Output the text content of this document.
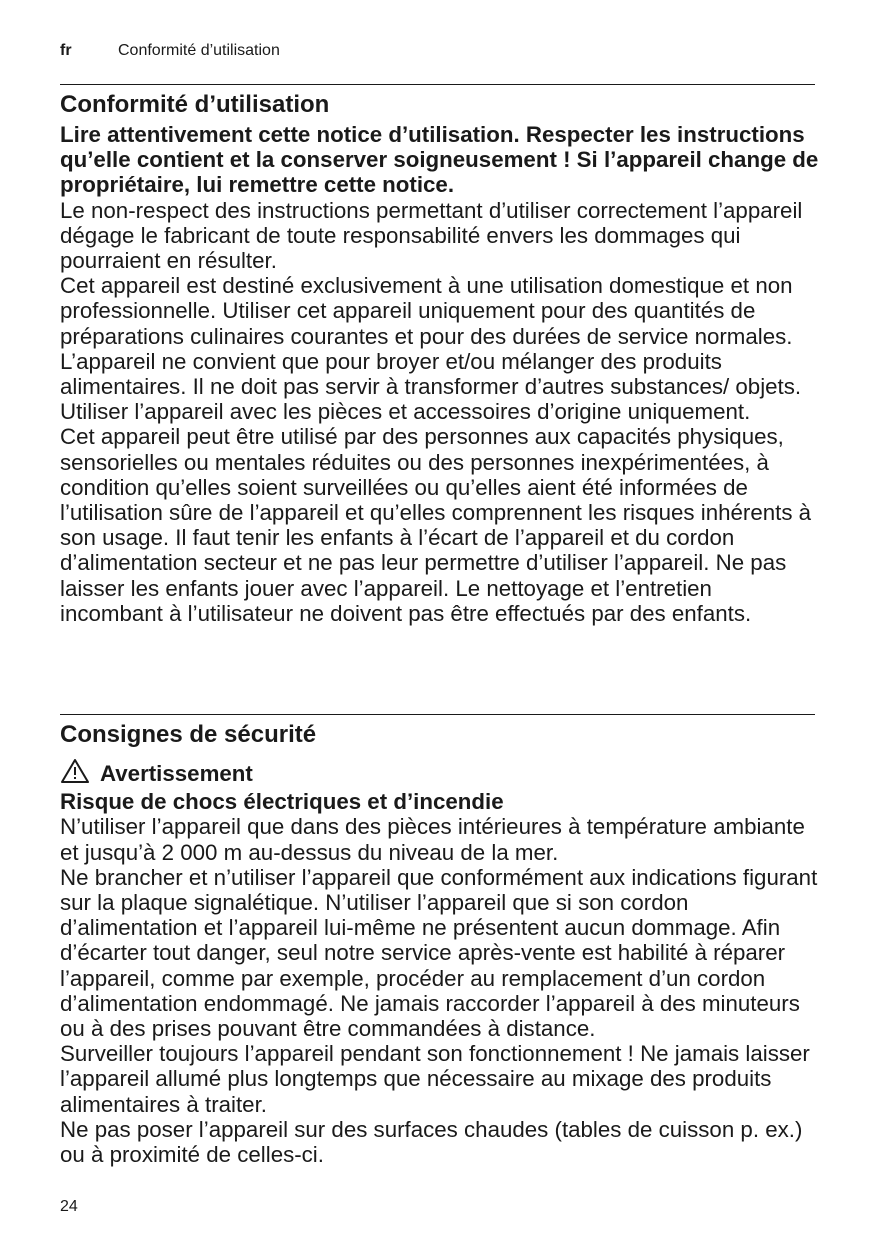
fr	Conformité d’utilisation
Conformité d’utilisation

Lire attentivement cette notice d’utilisation. Respecter les instructions qu’elle contient et la conserver soigneusement ! Si l’appareil change de propriétaire, lui remettre cette notice.

Le non-respect des instructions permettant d’utiliser correctement l’appareil dégage le fabricant de toute responsabilité envers les dommages qui pourraient en résulter.

Cet appareil est destiné exclusivement à une utilisation domestique et non professionnelle. Utiliser cet appareil uniquement pour des quantités de préparations culinaires courantes et pour des durées de service normales.

L’appareil ne convient que pour broyer et/ou mélanger des produits alimentaires. Il ne doit pas servir à transformer d’autres substances/ objets. Utiliser l’appareil avec les pièces et accessoires d’origine uniquement.

Cet appareil peut être utilisé par des personnes aux capacités physiques, sensorielles ou mentales réduites ou des personnes inexpérimentées, à condition qu’elles soient surveillées ou qu’elles aient été informées de l’utilisation sûre de l’appareil et qu’elles comprennent les risques inhérents à son usage. Il faut tenir les enfants à l’écart de l’appareil et du cordon d’alimentation secteur et ne pas leur permettre d’utiliser l’appareil. Ne pas laisser les enfants jouer avec l’appareil. Le nettoyage et l’entretien incombant à l’utilisateur ne doivent pas être effectués par des enfants.

Consignes de sécurité

Avertissement

Risque de chocs électriques et d’incendie

N’utiliser l’appareil que dans des pièces intérieures à température ambiante et jusqu’à 2 000 m au-dessus du niveau de la mer.

Ne brancher et n’utiliser l’appareil que conformément aux indications figurant sur la plaque signalétique. N’utiliser l’appareil que si son cordon d’alimentation et l’appareil lui-même ne présentent aucun dommage. Afin d’écarter tout danger, seul notre service après-vente est habilité à réparer l’appareil, comme par exemple, procéder au remplacement d’un cordon d’alimentation endommagé. Ne jamais raccorder l’appareil à des minuteurs ou à des prises pouvant être commandées à distance.

Surveiller toujours l’appareil pendant son fonctionnement ! Ne jamais laisser l’appareil allumé plus longtemps que nécessaire au mixage des produits alimentaires à traiter.

Ne pas poser l’appareil sur des surfaces chaudes (tables de cuisson p. ex.) ou à proximité de celles-ci.

24
